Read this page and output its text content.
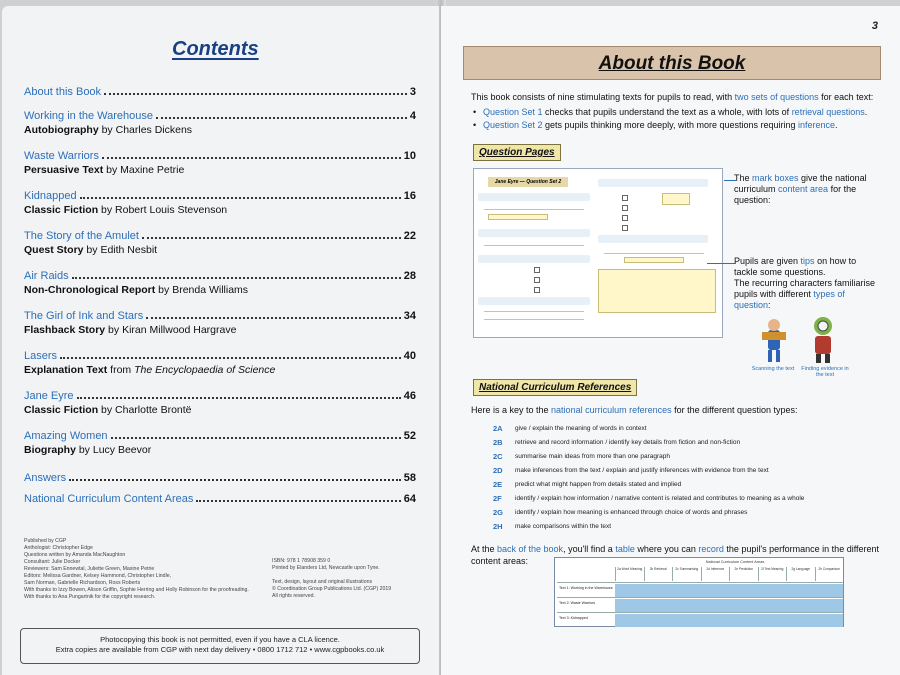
Contents
About this Book	3
Working in the Warehouse	4
Autobiography by Charles Dickens
Waste Warriors	10
Persuasive Text by Maxine Petrie
Kidnapped	16
Classic Fiction by Robert Louis Stevenson
The Story of the Amulet	22
Quest Story by Edith Nesbit
Air Raids	28
Non-Chronological Report by Brenda Williams
The Girl of Ink and Stars	34
Flashback Story by Kiran Millwood Hargrave
Lasers	40
Explanation Text from The Encyclopaedia of Science
Jane Eyre	46
Classic Fiction by Charlotte Brontë
Amazing Women	52
Biography by Lucy Beevor
Answers	58
National Curriculum Content Areas	64
Published by CGP
Anthologist: Christopher Edge
Questions written by Amanda MacNaughton
Consultant: Julie Docker
Reviewers: Sam Ennewtal, Juliette Green, Maxine Petrie
Editors: Melissa Gardner, Kelsey Hammond, Christopher Lindle,
Sam Norman, Gabrielle Richardson, Ross Roberts
With thanks to Izzy Bowen, Alison Griffin, Sophie Herring and Holly Robinson for the proofreading.
With thanks to Ana Pungartnik for the copyright research.
ISBN: 978 1 78908 359 0
Printed by Elanders Ltd, Newcastle upon Tyne.
Text, design, layout and original illustrations
© Coordination Group Publications Ltd. (CGP) 2019
All rights reserved.
Photocopying this book is not permitted, even if you have a CLA licence.
Extra copies are available from CGP with next day delivery • 0800 1712 712 • www.cgpbooks.co.uk
3
About this Book
This book consists of nine stimulating texts for pupils to read, with two sets of questions for each text:
• Question Set 1 checks that pupils understand the text as a whole, with lots of retrieval questions.
• Question Set 2 gets pupils thinking more deeply, with more questions requiring inference.
Question Pages
Jane Eyre — Question Set 2	The mark boxes give the national curriculum content area for the question:
Pupils are given tips on how to tackle some questions.
The recurring characters familiarise pupils with different types of question:
Scanning the text	Finding evidence in the text
National Curriculum References
Here is a key to the national curriculum references for the different question types:
2A	give / explain the meaning of words in context
2B	retrieve and record information / identify key details from fiction and non-fiction
2C	summarise main ideas from more than one paragraph
2D	make inferences from the text / explain and justify inferences with evidence from the text
2E	predict what might happen from details stated and implied
2F	identify / explain how information / narrative content is related and contributes to meaning as a whole
2G	identify / explain how meaning is enhanced through choice of words and phrases
2H	make comparisons within the text
At the back of the book, you'll find a table where you can record the pupil's performance in the different content areas:	National Curriculum Content Areas
2a Word Meaning	2b Retrieval	2c Summarising	2d Inference	2e Prediction	2f Text Meaning	2g Language	2h Comparison
Text 1: Working in the Warehouse
Text 2: Waste Warriors
Text 3: Kidnapped
